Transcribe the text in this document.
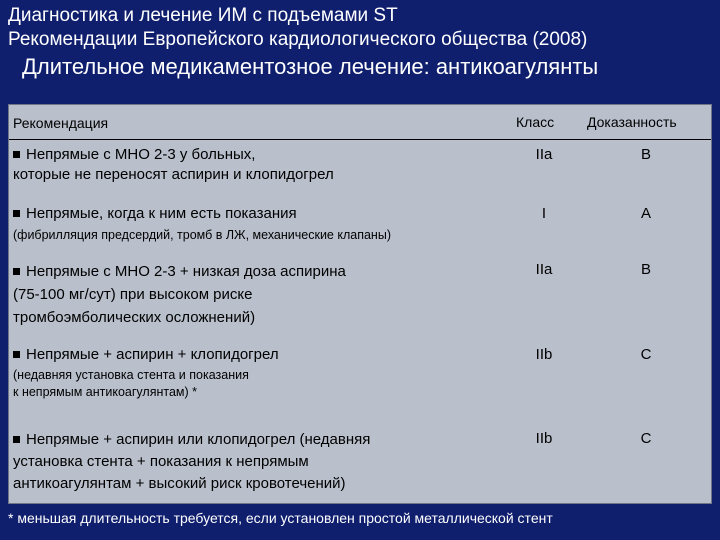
Диагностика и лечение ИМ с подъемами ST
Рекомендации Европейского кардиологического общества (2008)
Длительное медикаментозное лечение: антикоагулянты
Рекомендация	Класс Доказанность
Непрямые с МНО 2-3 у больных,
которые не переносят аспирин и клопидогрел
IIa	B
Непрямые, когда к ним есть показания
(фибрилляция предсердий, тромб в ЛЖ, механические клапаны)
I	A
Непрямые с МНО 2-3 + низкая доза аспирина
(75-100 мг/сут) при высоком риске
тромбоэмболических осложнений)
IIa	B
Непрямые + аспирин + клопидогрел
(недавняя установка стента и показания
к непрямым антикоагулянтам) *
IIb	C
Непрямые + аспирин или клопидогрел (недавняя
установка стента + показания к непрямым
антикоагулянтам + высокий риск кровотечений)
IIb	C
* меньшая длительность требуется, если установлен простой металлической стент
